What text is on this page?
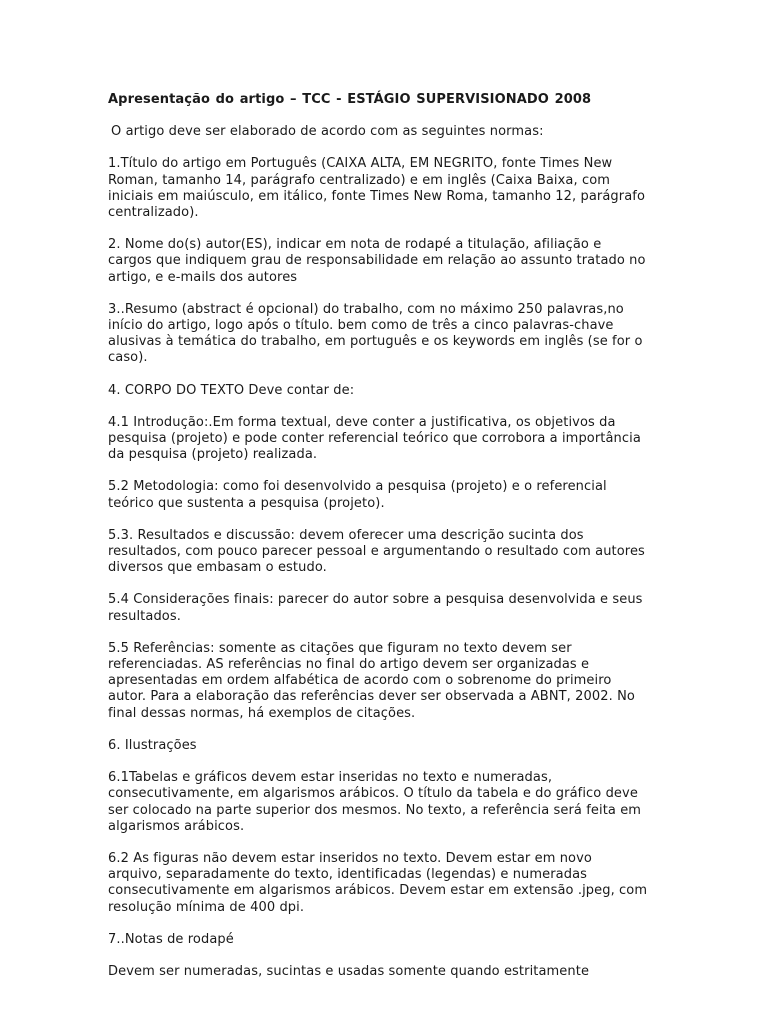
Apresentação do artigo – TCC - ESTÁGIO SUPERVISIONADO 2008
O artigo deve ser elaborado de acordo com as seguintes normas:
1.Título do artigo em Português (CAIXA ALTA, EM NEGRITO, fonte Times New Roman, tamanho 14, parágrafo centralizado) e em inglês (Caixa Baixa, com iniciais em maiúsculo, em itálico, fonte Times New Roma, tamanho 12, parágrafo centralizado).
2. Nome do(s) autor(ES), indicar em nota de rodapé a titulação, afiliação e cargos que indiquem grau de responsabilidade em relação ao assunto tratado no artigo, e e-mails dos autores
3..Resumo (abstract é opcional) do trabalho, com no máximo 250 palavras,no início do artigo, logo após o título. bem como de três a cinco palavras-chave alusivas à temática do trabalho, em português e os keywords em inglês (se for o caso).
4. CORPO DO TEXTO Deve contar de:
4.1 Introdução:.Em forma textual, deve conter a justificativa, os objetivos da pesquisa (projeto) e pode conter referencial teórico que corrobora a importância da pesquisa (projeto) realizada.
5.2 Metodologia: como foi desenvolvido a pesquisa (projeto) e o referencial teórico que sustenta a pesquisa (projeto).
5.3. Resultados e discussão: devem oferecer uma descrição sucinta dos resultados, com pouco parecer pessoal e argumentando o resultado com autores diversos que embasam o estudo.
5.4 Considerações finais: parecer do autor sobre a pesquisa desenvolvida e seus resultados.
5.5 Referências: somente as citações que figuram no texto devem ser referenciadas. AS referências no final do artigo devem ser organizadas e apresentadas em ordem alfabética de acordo com o sobrenome do primeiro autor. Para a elaboração das referências dever ser observada a ABNT, 2002. No final dessas normas, há exemplos de citações.
6. Ilustrações
6.1Tabelas e gráficos devem estar inseridas no texto e numeradas, consecutivamente, em algarismos arábicos. O título da tabela e do gráfico deve ser colocado na parte superior dos mesmos. No texto, a referência será feita em algarismos arábicos.
6.2 As figuras não devem estar inseridos no texto. Devem estar em novo arquivo, separadamente do texto, identificadas (legendas) e numeradas consecutivamente em algarismos arábicos. Devem estar em extensão .jpeg, com resolução mínima de 400 dpi.
7..Notas de rodapé
Devem ser numeradas, sucintas e usadas somente quando estritamente
